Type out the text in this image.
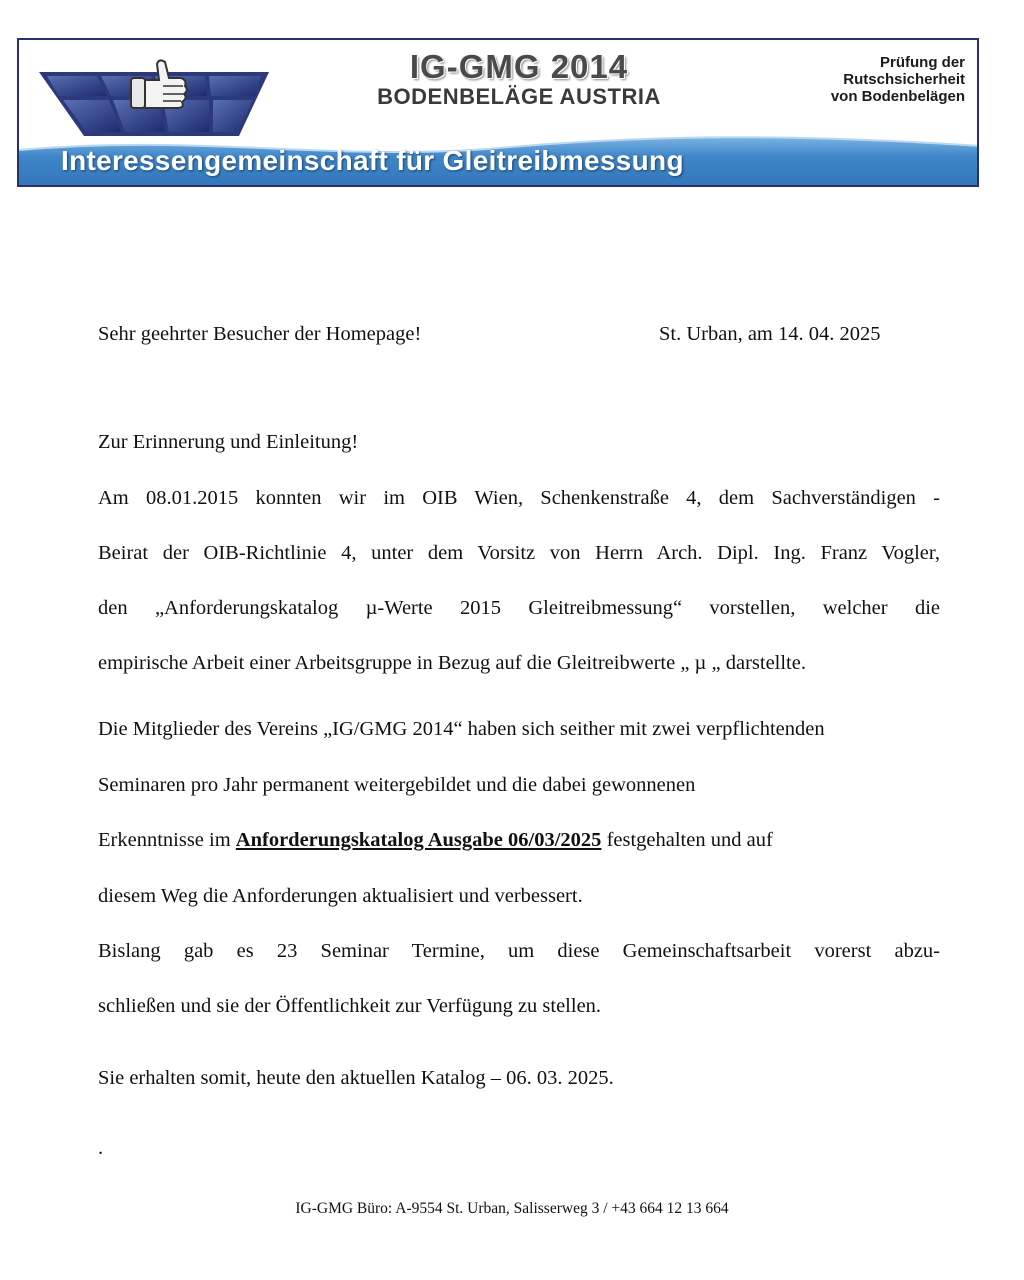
IG-GMG 2014
BODENBELÄGE AUSTRIA
Prüfung der
Rutschsicherheit
von Bodenbelägen
Interessengemeinschaft für Gleitreibmessung
Sehr geehrter Besucher der Homepage!	St. Urban, am 14. 04. 2025
Zur Erinnerung und Einleitung!
Am 08.01.2015 konnten wir im OIB Wien, Schenkenstraße 4, dem Sachverständigen -
Beirat der OIB-Richtlinie 4, unter dem Vorsitz von Herrn Arch. Dipl. Ing. Franz Vogler,
den „Anforderungskatalog µ-Werte 2015 Gleitreibmessung“ vorstellen, welcher die
empirische Arbeit einer Arbeitsgruppe in Bezug auf die Gleitreibwerte „ µ „ darstellte.
Die Mitglieder des Vereins „IG/GMG 2014“ haben sich seither mit zwei verpflichtenden
Seminaren pro Jahr permanent weitergebildet und die dabei gewonnenen
Erkenntnisse im Anforderungskatalog Ausgabe 06/03/2025 festgehalten und auf
diesem Weg die Anforderungen aktualisiert und verbessert.
Bislang gab es 23 Seminar Termine, um diese Gemeinschaftsarbeit vorerst abzu-
schließen und sie der Öffentlichkeit zur Verfügung zu stellen.
Sie erhalten somit, heute den aktuellen Katalog – 06. 03. 2025.
.
IG-GMG Büro: A-9554 St. Urban, Salisserweg 3 / +43 664 12 13 664
